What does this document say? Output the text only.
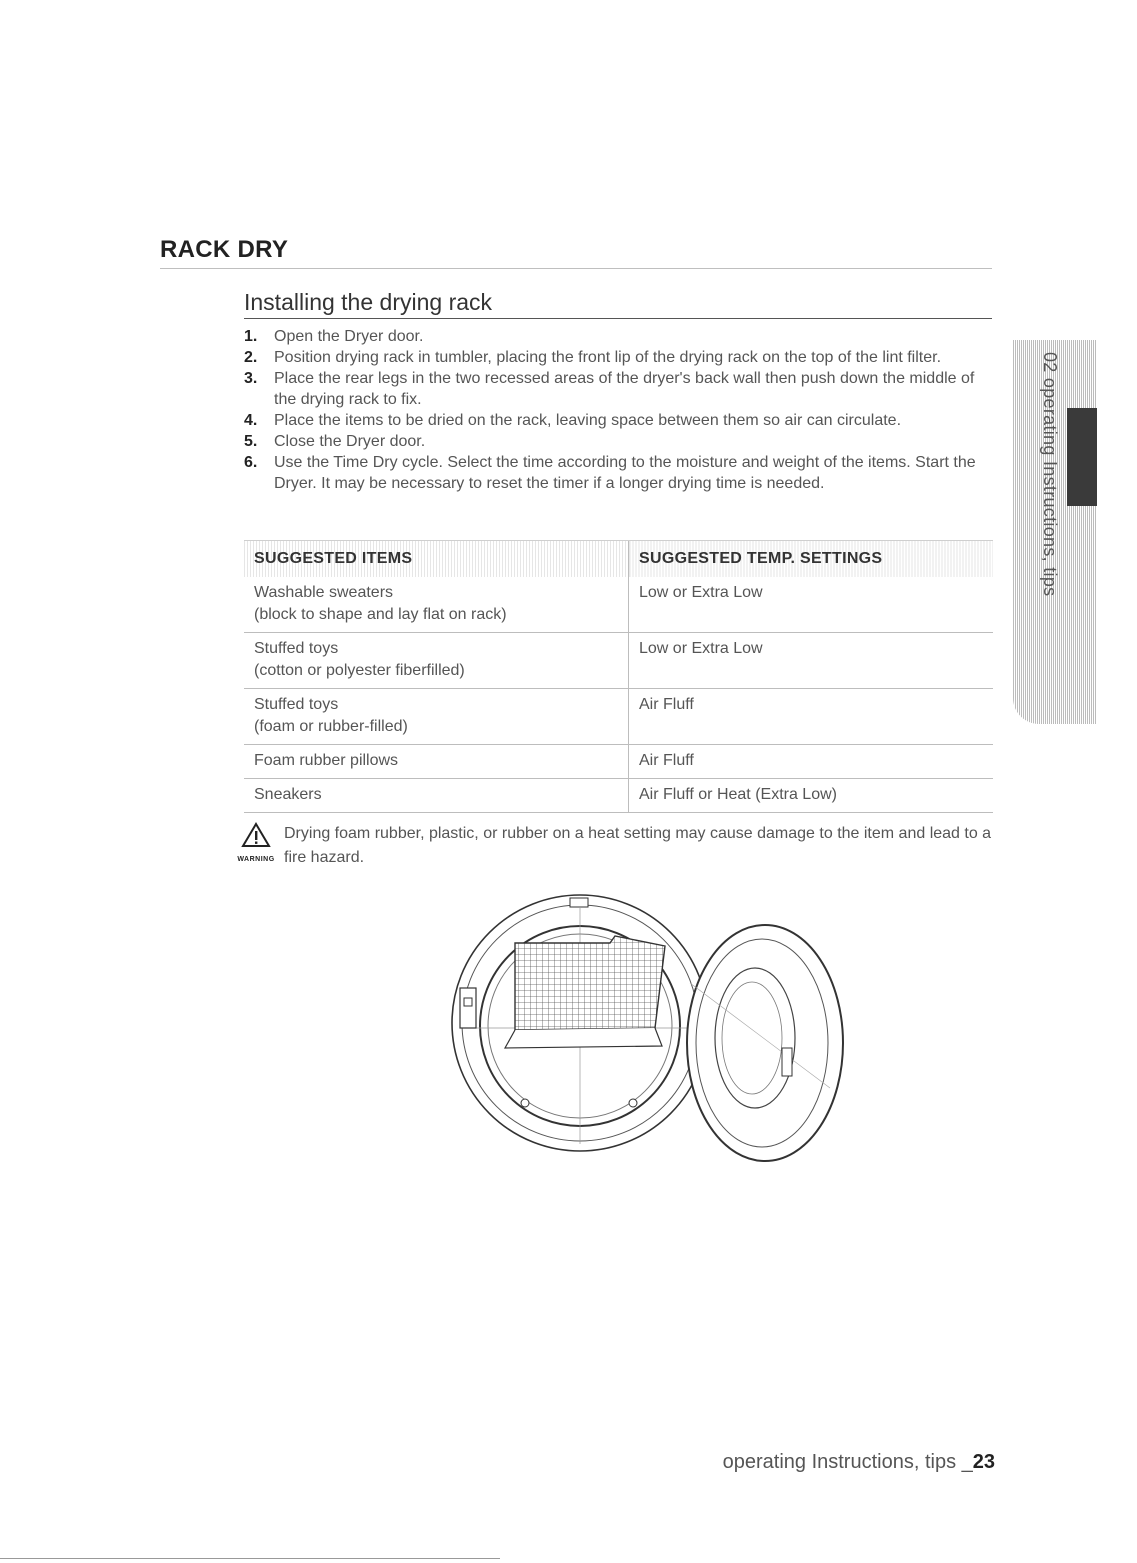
RACK DRY
Installing the drying rack
1. Open the Dryer door.
2. Position drying rack in tumbler, placing the front lip of the drying rack on the top of the lint filter.
3. Place the rear legs in the two recessed areas of the dryer's back wall then push down the middle of the drying rack to fix.
4. Place the items to be dried on the rack, leaving space between them so air can circulate.
5. Close the Dryer door.
6. Use the Time Dry cycle. Select the time according to the moisture and weight of the items. Start the Dryer. It may be necessary to reset the timer if a longer drying time is needed.
SUGGESTED ITEMS	SUGGESTED TEMP. SETTINGS

Washable sweaters
(block to shape and lay flat on rack)	Low or Extra Low

Stuffed toys
(cotton or polyester fiberfilled)	Low or Extra Low

Stuffed toys
(foam or rubber-filled)	Air Fluff

Foam rubber pillows	Air Fluff

Sneakers	Air Fluff or Heat (Extra Low)
WARNING
Drying foam rubber, plastic, or rubber on a heat setting may cause damage to the item and lead to a fire hazard.
02 operating Instructions, tips
operating Instructions, tips _23
